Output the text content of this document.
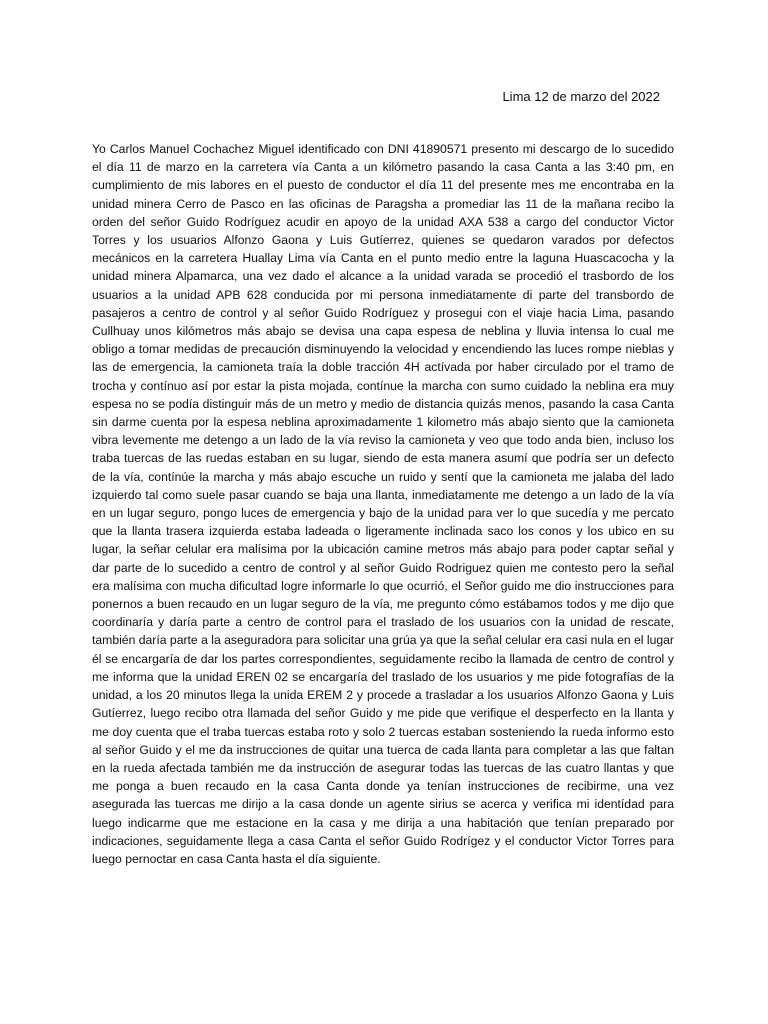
Lima 12 de marzo del 2022

Yo Carlos Manuel Cochachez Miguel identificado con DNI 41890571 presento mi descargo de lo sucedido el día 11 de marzo en la carretera vía Canta a un kilómetro pasando la casa Canta a las 3:40 pm, en cumplimiento de mis labores en el puesto de conductor el día 11 del presente mes me encontraba en la unidad minera Cerro de Pasco en las oficinas de Paragsha a promediar las 11 de la mañana recibo la orden del señor Guido Rodríguez acudir en apoyo de la unidad AXA 538 a cargo del conductor Victor Torres y los usuarios Alfonzo Gaona y Luis Gutíerrez, quienes se quedaron varados por defectos mecánicos en la carretera Huallay Lima vía Canta en el punto medio entre la laguna Huascacocha y la unidad minera Alpamarca, una vez dado el alcance a la unidad varada se procedió el trasbordo de los usuarios a la unidad APB 628 conducida por mi persona inmediatamente di parte del transbordo de pasajeros a centro de control y al señor Guido Rodríguez y prosegui con el viaje hacia Lima, pasando Cullhuay unos kilómetros más abajo se devisa una capa espesa de neblina y lluvia intensa lo cual me obligo a tomar medidas de precaución disminuyendo la velocidad y encendiendo las luces rompe nieblas y las de emergencia, la camioneta traía la doble tracción 4H actívada por haber circulado por el tramo de trocha y contínuo así por estar la pista mojada, contínue la marcha con sumo cuidado la neblina era muy espesa no se podía distinguir más de un metro y medio de distancia quizás menos, pasando la casa Canta sin darme cuenta por la espesa neblina aproximadamente 1 kilometro más abajo siento que la camioneta vibra levemente me detengo a un lado de la vía reviso la camioneta y veo que todo anda bien, incluso los traba tuercas de las ruedas estaban en su lugar, siendo de esta manera asumí que podría ser un defecto de la vía, contínúe la marcha y más abajo escuche un ruido y sentí que la camioneta me jalaba del lado izquierdo tal como suele pasar cuando se baja una llanta, inmediatamente me detengo a un lado de la vía en un lugar seguro, pongo luces de emergencia y bajo de la unidad para ver lo que sucedía y me percato que la llanta trasera izquierda estaba ladeada o ligeramente inclinada saco los conos y los ubico en su lugar, la señar celular era malísima por la ubicación camine metros más abajo para poder captar señal y dar parte de lo sucedido a centro de control y al señor Guido Rodriguez quien me contesto pero la señal era malísima con mucha dificultad logre informarle lo que ocurrió, el Señor guido me dio instrucciones para ponernos a buen recaudo en un lugar seguro de la vía, me pregunto cómo estábamos todos y me dijo que coordinaría y daría parte a centro de control para el traslado de los usuarios con la unidad de rescate, también daría parte a la aseguradora para solicitar una grúa ya que la señal celular era casi nula en el lugar él se encargaría de dar los partes correspondientes, seguidamente recibo la llamada de centro de control y me informa que la unidad EREN 02 se encargaría del traslado de los usuarios y me pide fotografías de la unidad, a los 20 minutos llega la unida EREM 2 y procede a trasladar a los usuarios Alfonzo Gaona y Luis Gutíerrez, luego recibo otra llamada del señor Guido y me pide que verifique el desperfecto en la llanta y me doy cuenta que el traba tuercas estaba roto y solo 2 tuercas estaban sosteniendo la rueda informo esto al señor Guido y el me da instrucciones de quitar una tuerca de cada llanta para completar a las que faltan en la rueda afectada también me da instrucción de asegurar todas las tuercas de las cuatro llantas y que me ponga a buen recaudo en la casa Canta donde ya tenían instrucciones de recibirme, una vez asegurada las tuercas me dirijo a la casa donde un agente sirius se acerca y verifica mi identídad para luego indicarme que me estacione en la casa y me dirija a una habitación que tenían preparado por indicaciones, seguidamente llega a casa Canta el señor Guido Rodrígez y el conductor Victor Torres para luego pernoctar en casa Canta hasta el día siguiente.
